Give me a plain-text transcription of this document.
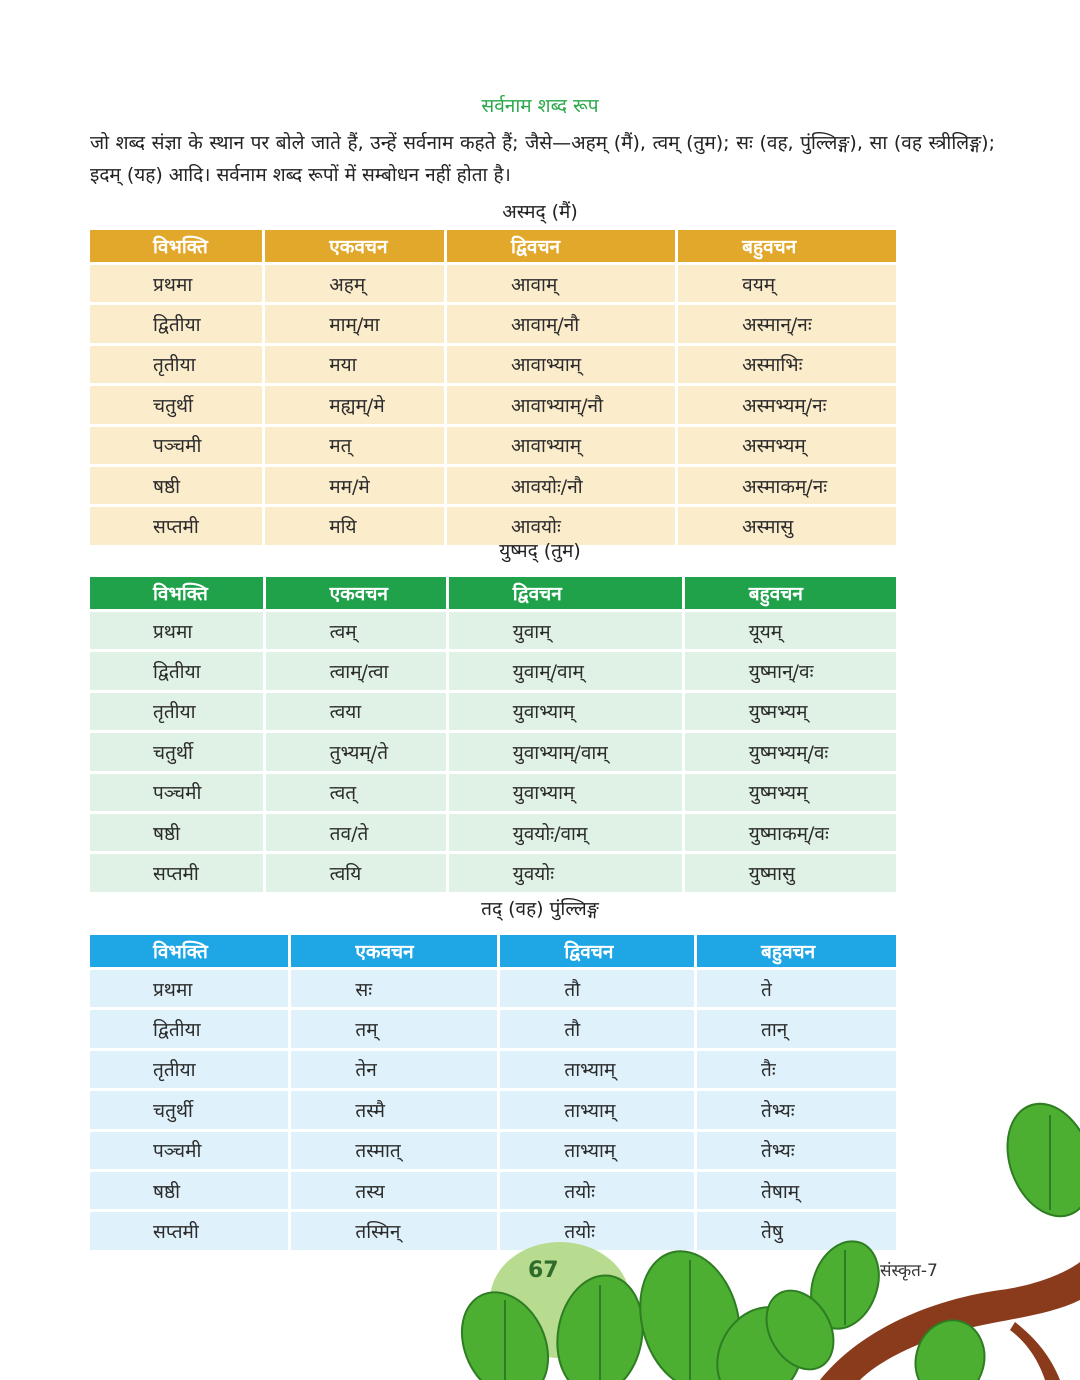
सर्वनाम शब्द रूप

जो शब्द संज्ञा के स्थान पर बोले जाते हैं, उन्हें सर्वनाम कहते हैं; जैसे—अहम् (मैं), त्वम् (तुम); सः (वह, पुंल्लिङ्ग), सा (वह स्त्रीलिङ्ग); इदम् (यह) आदि। सर्वनाम शब्द रूपों में सम्बोधन नहीं होता है।

अस्मद् (मैं)
विभक्ति	एकवचन	द्विवचन	बहुवचन
प्रथमा	अहम्	आवाम्	वयम्
द्वितीया	माम्/मा	आवाम्/नौ	अस्मान्/नः
तृतीया	मया	आवाभ्याम्	अस्माभिः
चतुर्थी	मह्यम्/मे	आवाभ्याम्/नौ	अस्मभ्यम्/नः
पञ्चमी	मत्	आवाभ्याम्	अस्मभ्यम्
षष्ठी	मम/मे	आवयोः/नौ	अस्माकम्/नः
सप्तमी	मयि	आवयोः	अस्मासु
युष्मद् (तुम)
विभक्ति	एकवचन	द्विवचन	बहुवचन
प्रथमा	त्वम्	युवाम्	यूयम्
द्वितीया	त्वाम्/त्वा	युवाम्/वाम्	युष्मान्/वः
तृतीया	त्वया	युवाभ्याम्	युष्मभ्यम्
चतुर्थी	तुभ्यम्/ते	युवाभ्याम्/वाम्	युष्मभ्यम्/वः
पञ्चमी	त्वत्	युवाभ्याम्	युष्मभ्यम्
षष्ठी	तव/ते	युवयोः/वाम्	युष्माकम्/वः
सप्तमी	त्वयि	युवयोः	युष्मासु
तद् (वह) पुंल्लिङ्ग
विभक्ति	एकवचन	द्विवचन	बहुवचन
प्रथमा	सः	तौ	ते
द्वितीया	तम्	तौ	तान्
तृतीया	तेन	ताभ्याम्	तैः
चतुर्थी	तस्मै	ताभ्याम्	तेभ्यः
पञ्चमी	तस्मात्	ताभ्याम्	तेभ्यः
षष्ठी	तस्य	तयोः	तेषाम्
सप्तमी	तस्मिन्	तयोः	तेषु
67	संस्कृत-7
